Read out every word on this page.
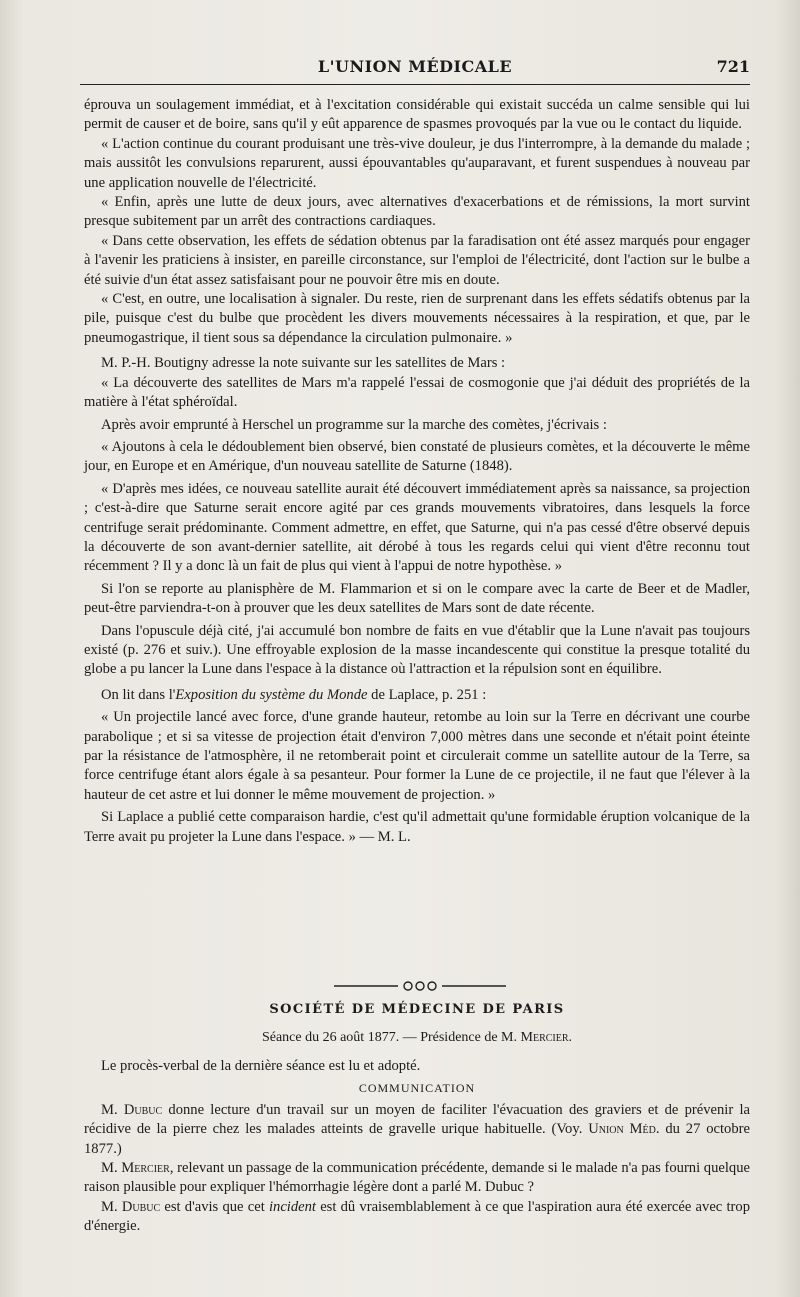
L'UNION MÉDICALE	721

éprouva un soulagement immédiat, et à l'excitation considérable qui existait succéda un calme sensible qui lui permit de causer et de boire, sans qu'il y eût apparence de spasmes provoqués par la vue ou le contact du liquide.

« L'action continue du courant produisant une très-vive douleur, je dus l'interrompre, à la demande du malade ; mais aussitôt les convulsions reparurent, aussi épouvantables qu'auparavant, et furent suspendues à nouveau par une application nouvelle de l'électricité.

« Enfin, après une lutte de deux jours, avec alternatives d'exacerbations et de rémissions, la mort survint presque subitement par un arrêt des contractions cardiaques.

« Dans cette observation, les effets de sédation obtenus par la faradisation ont été assez marqués pour engager à l'avenir les praticiens à insister, en pareille circonstance, sur l'emploi de l'électricité, dont l'action sur le bulbe a été suivie d'un état assez satisfaisant pour ne pouvoir être mis en doute.

« C'est, en outre, une localisation à signaler. Du reste, rien de surprenant dans les effets sédatifs obtenus par la pile, puisque c'est du bulbe que procèdent les divers mouvements nécessaires à la respiration, et que, par le pneumogastrique, il tient sous sa dépendance la circulation pulmonaire. »

M. P.-H. Boutigny adresse la note suivante sur les satellites de Mars :

« La découverte des satellites de Mars m'a rappelé l'essai de cosmogonie que j'ai déduit des propriétés de la matière à l'état sphéroïdal.

Après avoir emprunté à Herschel un programme sur la marche des comètes, j'écrivais :

« Ajoutons à cela le dédoublement bien observé, bien constaté de plusieurs comètes, et la découverte le même jour, en Europe et en Amérique, d'un nouveau satellite de Saturne (1848).

« D'après mes idées, ce nouveau satellite aurait été découvert immédiatement après sa naissance, sa projection ; c'est-à-dire que Saturne serait encore agité par ces grands mouvements vibratoires, dans lesquels la force centrifuge serait prédominante. Comment admettre, en effet, que Saturne, qui n'a pas cessé d'être observé depuis la découverte de son avant-dernier satellite, ait dérobé à tous les regards celui qui vient d'être reconnu tout récemment ? Il y a donc là un fait de plus qui vient à l'appui de notre hypothèse. »

Si l'on se reporte au planisphère de M. Flammarion et si on le compare avec la carte de Beer et de Madler, peut-être parviendra-t-on à prouver que les deux satellites de Mars sont de date récente.

Dans l'opuscule déjà cité, j'ai accumulé bon nombre de faits en vue d'établir que la Lune n'avait pas toujours existé (p. 276 et suiv.). Une effroyable explosion de la masse incandescente qui constitue la presque totalité du globe a pu lancer la Lune dans l'espace à la distance où l'attraction et la répulsion sont en équilibre.

On lit dans l'Exposition du système du Monde de Laplace, p. 251 :

« Un projectile lancé avec force, d'une grande hauteur, retombe au loin sur la Terre en décrivant une courbe parabolique ; et si sa vitesse de projection était d'environ 7,000 mètres dans une seconde et n'était point éteinte par la résistance de l'atmosphère, il ne retomberait point et circulerait comme un satellite autour de la Terre, sa force centrifuge étant alors égale à sa pesanteur. Pour former la Lune de ce projectile, il ne faut que l'élever à la hauteur de cet astre et lui donner le même mouvement de projection. »

Si Laplace a publié cette comparaison hardie, c'est qu'il admettait qu'une formidable éruption volcanique de la Terre avait pu projeter la Lune dans l'espace. » — M. L.

SOCIÉTÉ DE MÉDECINE DE PARIS
Séance du 26 août 1877. — Présidence de M. Mercier.

Le procès-verbal de la dernière séance est lu et adopté.

COMMUNICATION

M. Dubuc donne lecture d'un travail sur un moyen de faciliter l'évacuation des graviers et de prévenir la récidive de la pierre chez les malades atteints de gravelle urique habituelle. (Voy. Union Méd. du 27 octobre 1877.)

M. Mercier, relevant un passage de la communication précédente, demande si le malade n'a pas fourni quelque raison plausible pour expliquer l'hémorrhagie légère dont a parlé M. Dubuc ?

M. Dubuc est d'avis que cet incident est dû vraisemblablement à ce que l'aspiration aura été exercée avec trop d'énergie.
